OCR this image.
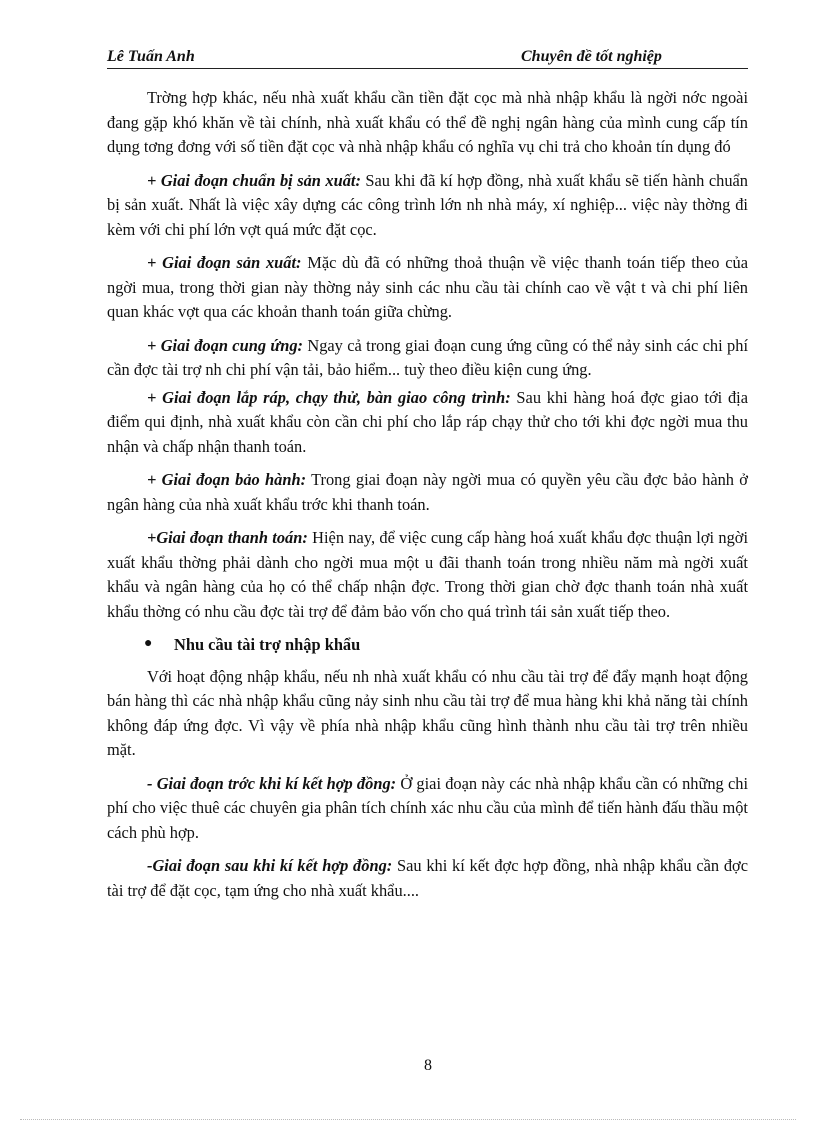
Lê Tuấn Anh	Chuyên đề tốt nghiệp

Trờng hợp khác, nếu nhà xuất khẩu cần tiền đặt cọc mà nhà nhập khẩu là ngời nớc ngoài đang gặp khó khăn về tài chính, nhà xuất khẩu có thể đề nghị ngân hàng của mình cung cấp tín dụng tơng đơng với số tiền đặt cọc và nhà nhập khẩu có nghĩa vụ chi trả cho khoản tín dụng đó

+ Giai đoạn chuẩn bị sản xuất: Sau khi đã kí hợp đồng, nhà xuất khẩu sẽ tiến hành chuẩn bị sản xuất. Nhất là việc xây dựng các công trình lớn nh nhà máy, xí nghiệp... việc này thờng đi kèm với chi phí lớn vợt quá mức đặt cọc.

+ Giai đoạn sản xuất: Mặc dù đã có những thoả thuận về việc thanh toán tiếp theo của ngời mua, trong thời gian này thờng nảy sinh các nhu cầu tài chính cao về vật t và chi phí liên quan khác vợt qua các khoản thanh toán giữa chừng.

+ Giai đoạn cung ứng: Ngay cả trong giai đoạn cung ứng cũng có thể nảy sinh các chi phí cần đợc tài trợ nh chi phí vận tải, bảo hiểm... tuỳ theo điều kiện cung ứng.

+ Giai đoạn lắp ráp, chạy thử, bàn giao công trình: Sau khi hàng hoá đợc giao tới địa điểm qui định, nhà xuất khẩu còn cần chi phí cho lắp ráp chạy thử cho tới khi đợc ngời mua thu nhận và chấp nhận thanh toán.

+ Giai đoạn bảo hành: Trong giai đoạn này ngời mua có quyền yêu cầu đợc bảo hành ở ngân hàng của nhà xuất khẩu trớc khi thanh toán.

+Giai đoạn thanh toán: Hiện nay, để việc cung cấp hàng hoá xuất khẩu đợc thuận lợi ngời xuất khẩu thờng phải dành cho ngời mua một u đãi thanh toán trong nhiều năm mà ngời xuất khẩu và ngân hàng của họ có thể chấp nhận đợc. Trong thời gian chờ đợc thanh toán nhà xuất khẩu thờng có nhu cầu đợc tài trợ để đảm bảo vốn cho quá trình tái sản xuất tiếp theo.

● Nhu cầu tài trợ nhập khẩu

Với hoạt động nhập khẩu, nếu nh nhà xuất khẩu có nhu cầu tài trợ để đẩy mạnh hoạt động bán hàng thì các nhà nhập khẩu cũng nảy sinh nhu cầu tài trợ để mua hàng khi khả năng tài chính không đáp ứng đợc. Vì vậy về phía nhà nhập khẩu cũng hình thành nhu cầu tài trợ trên nhiều mặt.

- Giai đoạn trớc khi kí kết hợp đồng: Ở giai đoạn này các nhà nhập khẩu cần có những chi phí cho việc thuê các chuyên gia phân tích chính xác nhu cầu của mình để tiến hành đấu thầu một cách phù hợp.

-Giai đoạn sau khi kí kết hợp đồng: Sau khi kí kết đợc hợp đồng, nhà nhập khẩu cần đợc tài trợ để đặt cọc, tạm ứng cho nhà xuất khẩu....

8
